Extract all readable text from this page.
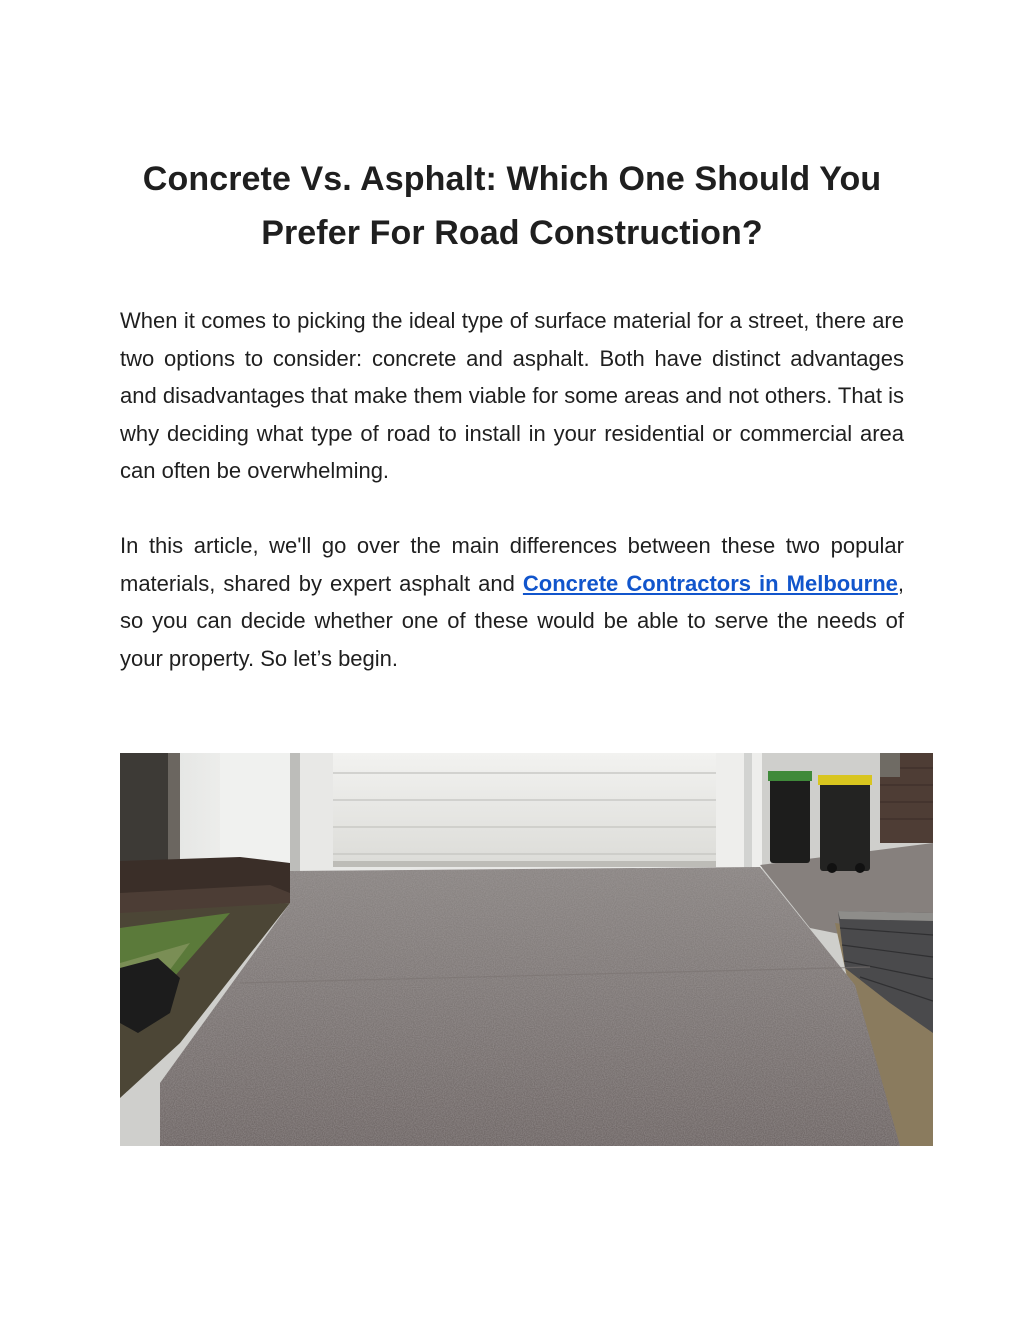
Concrete Vs. Asphalt: Which One Should You Prefer For Road Construction?

When it comes to picking the ideal type of surface material for a street, there are two options to consider: concrete and asphalt. Both have distinct advantages and disadvantages that make them viable for some areas and not others. That is why deciding what type of road to install in your residential or commercial area can often be overwhelming.

In this article, we'll go over the main differences between these two popular materials, shared by expert asphalt and Concrete Contractors in Melbourne, so you can decide whether one of these would be able to serve the needs of your property. So let’s begin.
